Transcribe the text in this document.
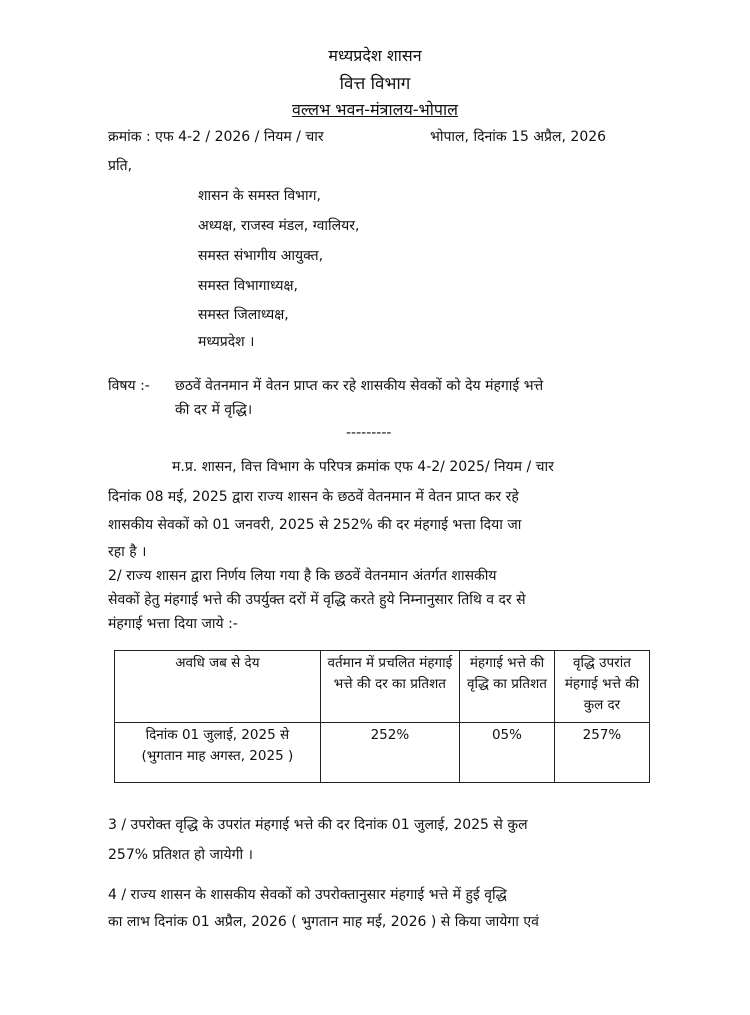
मध्यप्रदेश शासन
वित्त विभाग
वल्लभ भवन-मंत्रालय-भोपाल
क्रमांक : एफ 4-2 / 2026 / नियम / चार	भोपाल, दिनांक 15 अप्रैल, 2026
प्रति,
शासन के समस्त विभाग,
अध्यक्ष, राजस्व मंडल, ग्वालियर,
समस्त संभागीय आयुक्त,
समस्त विभागाध्यक्ष,
समस्त जिलाध्यक्ष,
मध्यप्रदेश ।
विषय :- छठवें वेतनमान में वेतन प्राप्त कर रहे शासकीय सेवकों को देय मंहगाई भत्ते
की दर में वृद्धि।
---------
म.प्र. शासन, वित्त विभाग के परिपत्र क्रमांक एफ 4-2/ 2025/ नियम / चार
दिनांक 08 मई, 2025 द्वारा राज्य शासन के छठवें वेतनमान में वेतन प्राप्त कर रहे
शासकीय सेवकों को 01 जनवरी, 2025 से 252% की दर मंहगाई भत्ता दिया जा
रहा है ।
2/ राज्य शासन द्वारा निर्णय लिया गया है कि छठवें वेतनमान अंतर्गत शासकीय
सेवकों हेतु मंहगाई भत्ते की उपर्युक्त दरों में वृद्धि करते हुये निम्नानुसार तिथि व दर से
मंहगाई भत्ता दिया जाये :-
अवधि जब से देय	वर्तमान में प्रचलित मंहगाई भत्ते की दर का प्रतिशत	मंहगाई भत्ते की वृद्धि का प्रतिशत	वृद्धि उपरांत मंहगाई भत्ते की कुल दर

दिनांक 01 जुलाई, 2025 से
(भुगतान माह अगस्त, 2025 )	252%	05%	257%
3 / उपरोक्त वृद्धि के उपरांत मंहगाई भत्ते की दर दिनांक 01 जुलाई, 2025 से कुल
257% प्रतिशत हो जायेगी ।
4 / राज्य शासन के शासकीय सेवकों को उपरोक्तानुसार मंहगाई भत्ते में हुई वृद्धि
का लाभ दिनांक 01 अप्रैल, 2026 ( भुगतान माह मई, 2026 ) से किया जायेगा एवं
